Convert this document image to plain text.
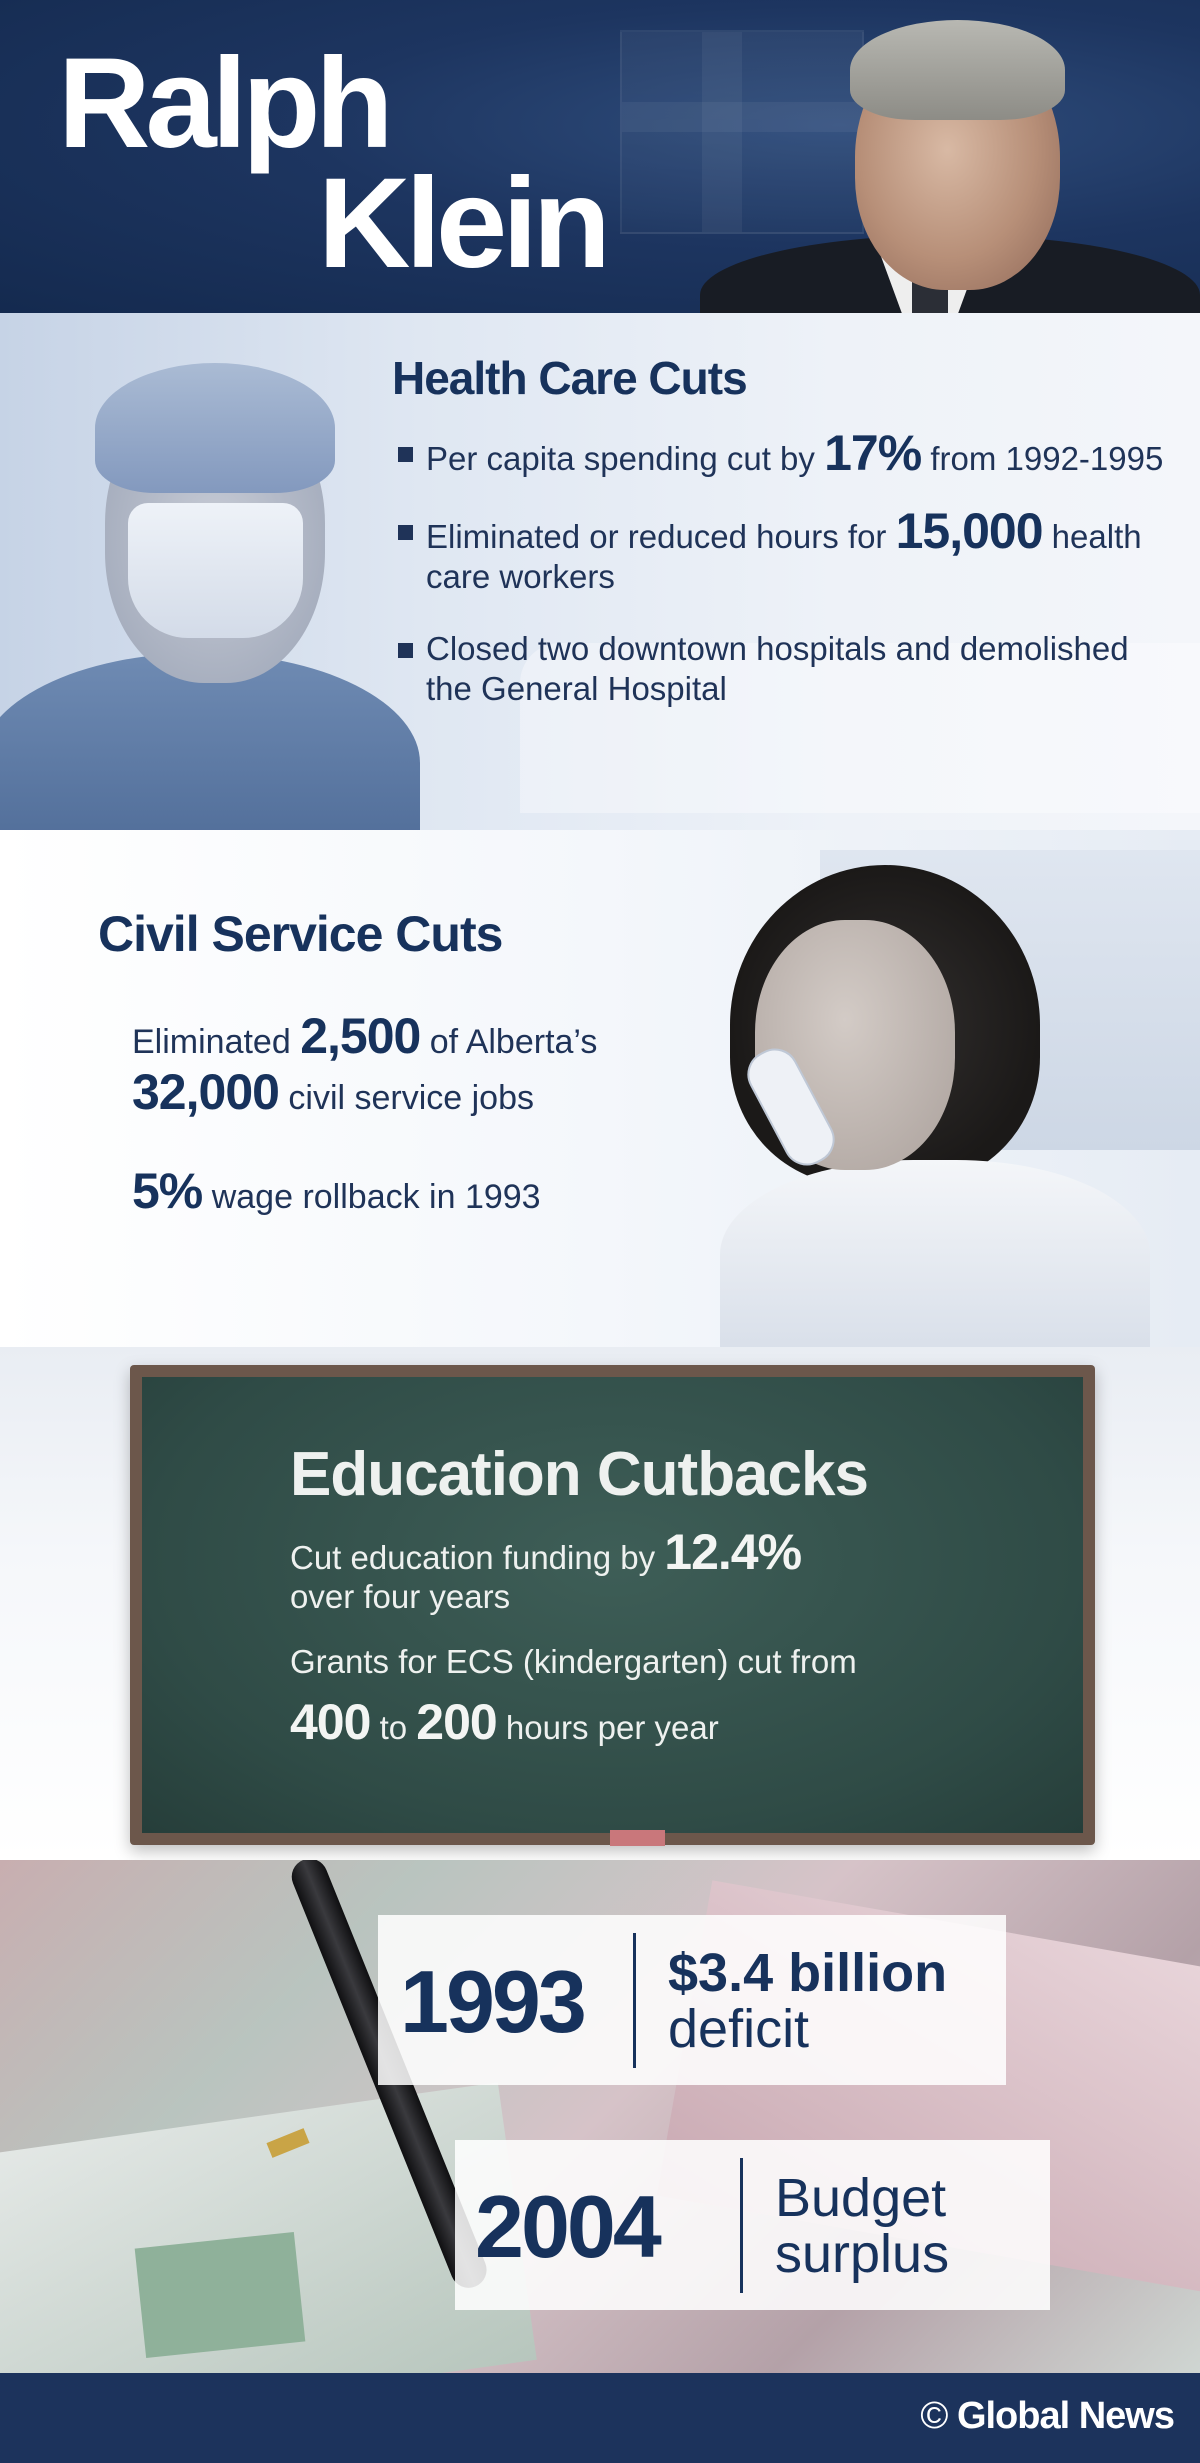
Ralph
Klein
Health Care Cuts
Per capita spending cut by 17% from 1992-1995
Eliminated or reduced hours for 15,000 health care workers
Closed two downtown hospitals and demolished the General Hospital
Civil Service Cuts
Eliminated 2,500 of Alberta’s
32,000 civil service jobs
5% wage rollback in 1993
Education Cutbacks
Cut education funding by 12.4%
over four years
Grants for ECS (kindergarten) cut from
400 to 200 hours per year
1993 $3.4 billion
deficit
2004 Budget
surplus
© Global News
